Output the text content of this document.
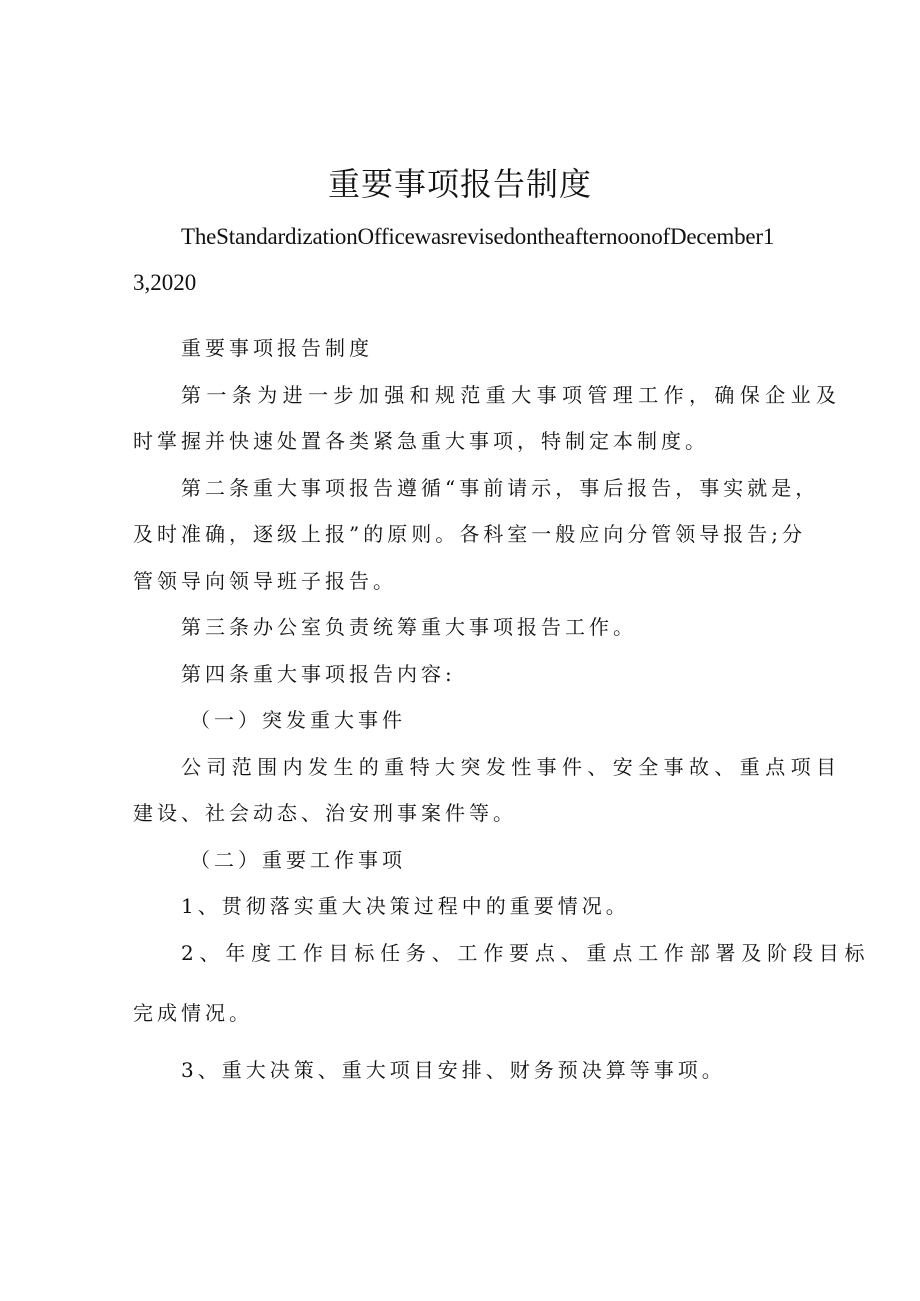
重要事项报告制度
TheStandardizationOfficewasrevisedontheafternoonofDecember1
3,2020
重要事项报告制度
第一条为进一步加强和规范重大事项管理工作，确保企业及
时掌握并快速处置各类紧急重大事项，特制定本制度。
第二条重大事项报告遵循“事前请示，事后报告，事实就是，
及时准确，逐级上报”的原则。各科室一般应向分管领导报告;分
管领导向领导班子报告。
第三条办公室负责统筹重大事项报告工作。
第四条重大事项报告内容:
（一）突发重大事件
公司范围内发生的重特大突发性事件、安全事故、重点项目
建设、社会动态、治安刑事案件等。
（二）重要工作事项
1、贯彻落实重大决策过程中的重要情况。
2、年度工作目标任务、工作要点、重点工作部署及阶段目标
完成情况。
3、重大决策、重大项目安排、财务预决算等事项。
